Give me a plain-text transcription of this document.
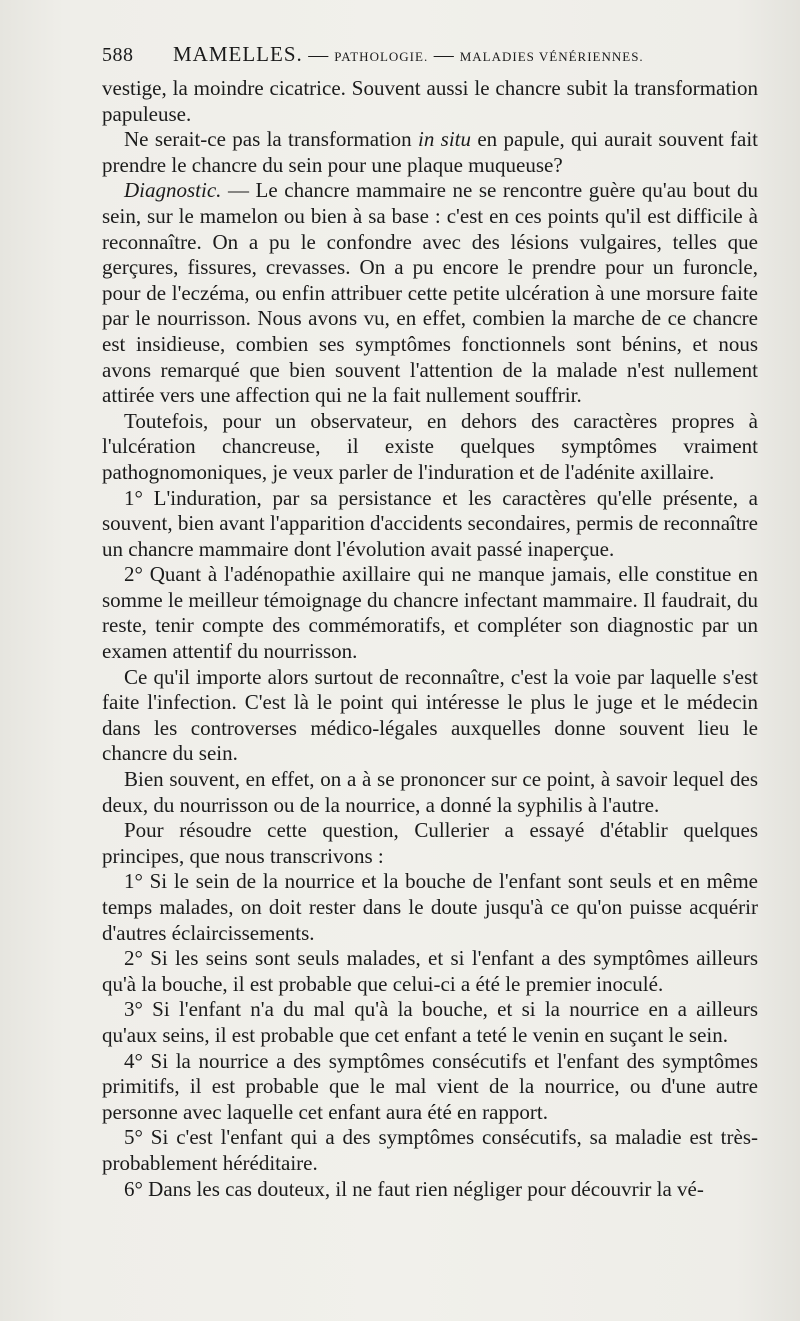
588 MAMELLES. — PATHOLOGIE. — MALADIES VÉNÉRIENNES.

vestige, la moindre cicatrice. Souvent aussi le chancre subit la transformation papuleuse.

Ne serait-ce pas la transformation in situ en papule, qui aurait souvent fait prendre le chancre du sein pour une plaque muqueuse?

Diagnostic. — Le chancre mammaire ne se rencontre guère qu'au bout du sein, sur le mamelon ou bien à sa base : c'est en ces points qu'il est difficile à reconnaître. On a pu le confondre avec des lésions vulgaires, telles que gerçures, fissures, crevasses. On a pu encore le prendre pour un furoncle, pour de l'eczéma, ou enfin attribuer cette petite ulcération à une morsure faite par le nourrisson. Nous avons vu, en effet, combien la marche de ce chancre est insidieuse, combien ses symptômes fonctionnels sont bénins, et nous avons remarqué que bien souvent l'attention de la malade n'est nullement attirée vers une affection qui ne la fait nullement souffrir.

Toutefois, pour un observateur, en dehors des caractères propres à l'ulcération chancreuse, il existe quelques symptômes vraiment pathognomoniques, je veux parler de l'induration et de l'adénite axillaire.

1° L'induration, par sa persistance et les caractères qu'elle présente, a souvent, bien avant l'apparition d'accidents secondaires, permis de reconnaître un chancre mammaire dont l'évolution avait passé inaperçue.

2° Quant à l'adénopathie axillaire qui ne manque jamais, elle constitue en somme le meilleur témoignage du chancre infectant mammaire. Il faudrait, du reste, tenir compte des commémoratifs, et compléter son diagnostic par un examen attentif du nourrisson.

Ce qu'il importe alors surtout de reconnaître, c'est la voie par laquelle s'est faite l'infection. C'est là le point qui intéresse le plus le juge et le médecin dans les controverses médico-légales auxquelles donne souvent lieu le chancre du sein.

Bien souvent, en effet, on a à se prononcer sur ce point, à savoir lequel des deux, du nourrisson ou de la nourrice, a donné la syphilis à l'autre.

Pour résoudre cette question, Cullerier a essayé d'établir quelques principes, que nous transcrivons :

1° Si le sein de la nourrice et la bouche de l'enfant sont seuls et en même temps malades, on doit rester dans le doute jusqu'à ce qu'on puisse acquérir d'autres éclaircissements.

2° Si les seins sont seuls malades, et si l'enfant a des symptômes ailleurs qu'à la bouche, il est probable que celui-ci a été le premier inoculé.

3° Si l'enfant n'a du mal qu'à la bouche, et si la nourrice en a ailleurs qu'aux seins, il est probable que cet enfant a teté le venin en suçant le sein.

4° Si la nourrice a des symptômes consécutifs et l'enfant des symptômes primitifs, il est probable que le mal vient de la nourrice, ou d'une autre personne avec laquelle cet enfant aura été en rapport.

5° Si c'est l'enfant qui a des symptômes consécutifs, sa maladie est très-probablement héréditaire.

6° Dans les cas douteux, il ne faut rien négliger pour découvrir la vé-
